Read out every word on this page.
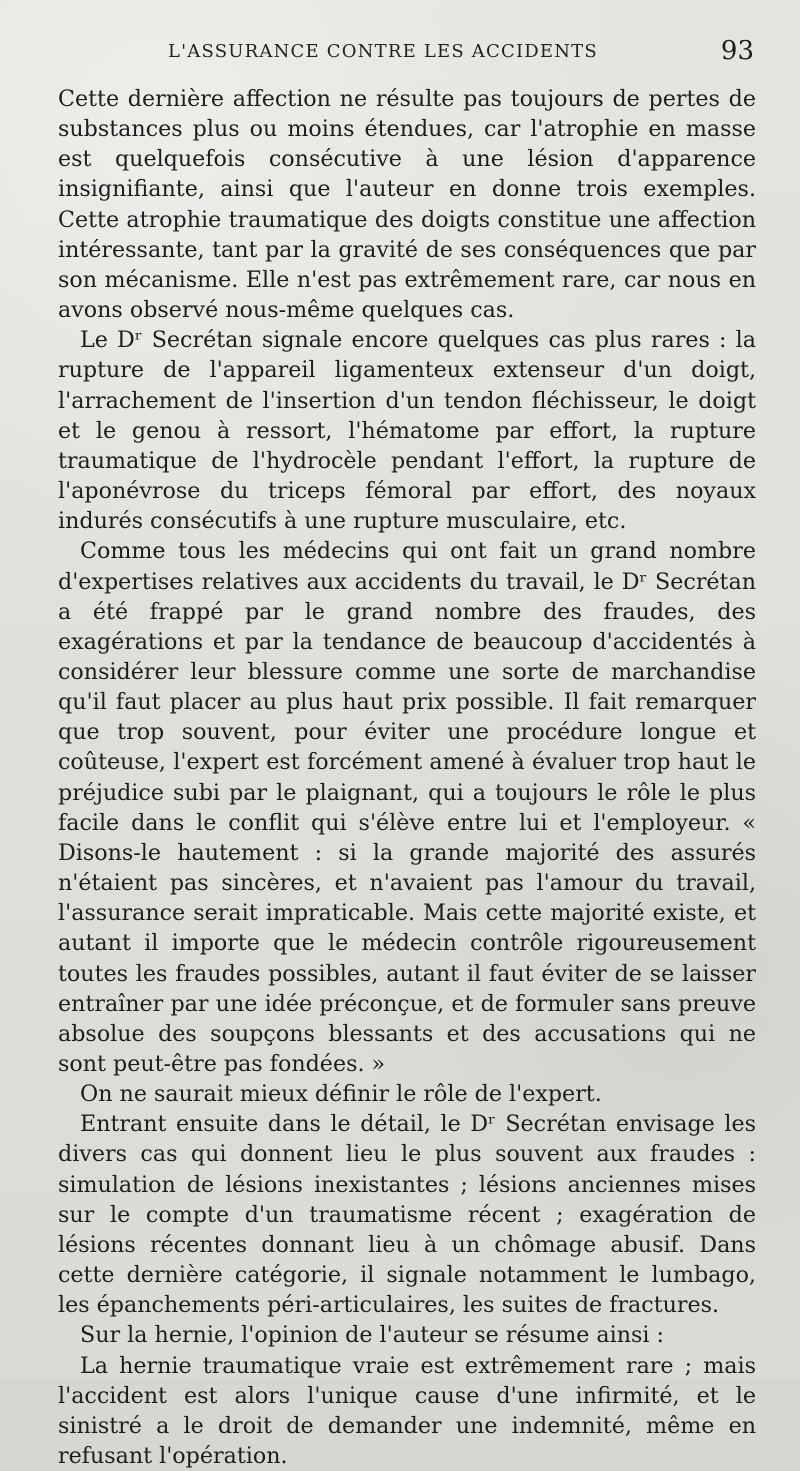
L'ASSURANCE CONTRE LES ACCIDENTS	93

Cette dernière affection ne résulte pas toujours de pertes de substances plus ou moins étendues, car l'atrophie en masse est quelquefois consécutive à une lésion d'apparence insignifiante, ainsi que l'auteur en donne trois exemples. Cette atrophie traumatique des doigts constitue une affection intéressante, tant par la gravité de ses conséquences que par son mécanisme. Elle n'est pas extrêmement rare, car nous en avons observé nous-même quelques cas.

Le Dʳ Secrétan signale encore quelques cas plus rares : la rupture de l'appareil ligamenteux extenseur d'un doigt, l'arrachement de l'insertion d'un tendon fléchisseur, le doigt et le genou à ressort, l'hématome par effort, la rupture traumatique de l'hydrocèle pendant l'effort, la rupture de l'aponévrose du triceps fémoral par effort, des noyaux indurés consécutifs à une rupture musculaire, etc.

Comme tous les médecins qui ont fait un grand nombre d'expertises relatives aux accidents du travail, le Dʳ Secrétan a été frappé par le grand nombre des fraudes, des exagérations et par la tendance de beaucoup d'accidentés à considérer leur blessure comme une sorte de marchandise qu'il faut placer au plus haut prix possible. Il fait remarquer que trop souvent, pour éviter une procédure longue et coûteuse, l'expert est forcément amené à évaluer trop haut le préjudice subi par le plaignant, qui a toujours le rôle le plus facile dans le conflit qui s'élève entre lui et l'employeur. « Disons-le hautement : si la grande majorité des assurés n'étaient pas sincères, et n'avaient pas l'amour du travail, l'assurance serait impraticable. Mais cette majorité existe, et autant il importe que le médecin contrôle rigoureusement toutes les fraudes possibles, autant il faut éviter de se laisser entraîner par une idée préconçue, et de formuler sans preuve absolue des soupçons blessants et des accusations qui ne sont peut-être pas fondées. »

On ne saurait mieux définir le rôle de l'expert.

Entrant ensuite dans le détail, le Dʳ Secrétan envisage les divers cas qui donnent lieu le plus souvent aux fraudes : simulation de lésions inexistantes ; lésions anciennes mises sur le compte d'un traumatisme récent ; exagération de lésions récentes donnant lieu à un chômage abusif. Dans cette dernière catégorie, il signale notamment le lumbago, les épanchements péri-articulaires, les suites de fractures.

Sur la hernie, l'opinion de l'auteur se résume ainsi :

La hernie traumatique vraie est extrêmement rare ; mais l'accident est alors l'unique cause d'une infirmité, et le sinistré a le droit de demander une indemnité, même en refusant l'opération.
